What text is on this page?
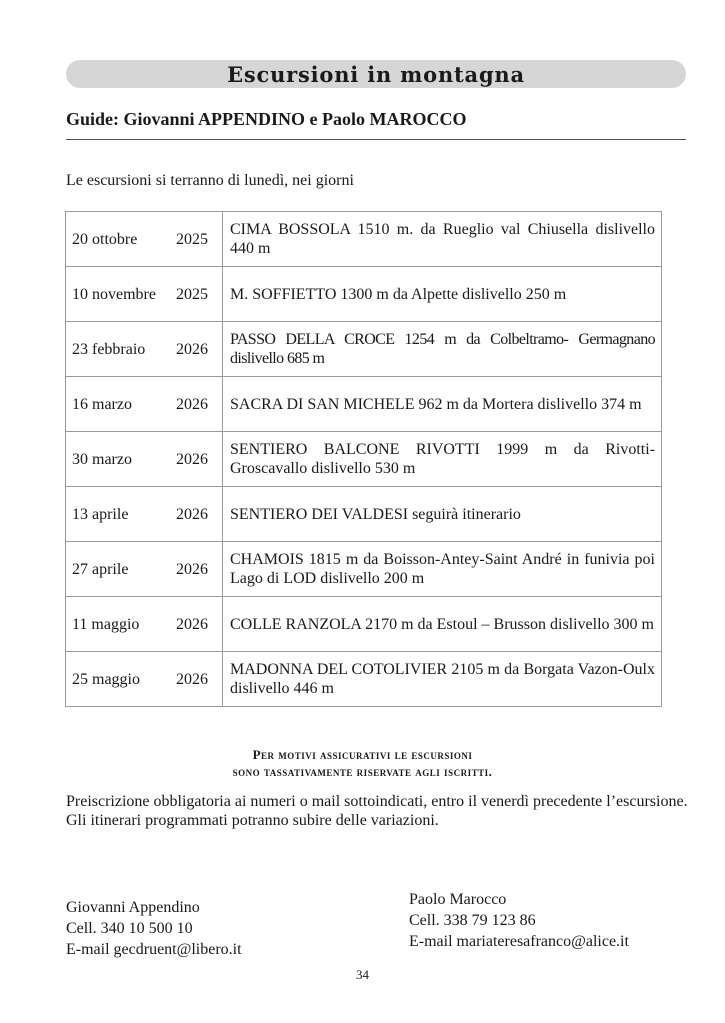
Escursioni in montagna
Guide: Giovanni APPENDINO e Paolo MAROCCO
Le escursioni si terranno di lunedì, nei giorni
20 ottobre 2025	CIMA BOSSOLA 1510 m. da Rueglio val Chiusella dislivello 440 m

10 novembre 2025	M. SOFFIETTO 1300 m da Alpette dislivello 250 m

23 febbraio 2026	PASSO DELLA CROCE 1254 m da Colbeltramo- Germagnano dislivello 685 m

16 marzo 2026	SACRA DI SAN MICHELE 962 m da Mortera dislivello 374 m

30 marzo 2026	SENTIERO BALCONE RIVOTTI 1999 m da Rivotti-Groscavallo dislivello 530 m

13 aprile 2026	SENTIERO DEI VALDESI seguirà itinerario

27 aprile 2026	CHAMOIS 1815 m da Boisson-Antey-Saint André in funivia poi Lago di LOD dislivello 200 m

11 maggio 2026	COLLE RANZOLA 2170 m da Estoul – Brusson dislivello 300 m

25 maggio 2026	MADONNA DEL COTOLIVIER 2105 m da Borgata Vazon-Oulx dislivello 446 m
Per motivi assicurativi le escursioni
sono tassativamente riservate agli iscritti.

Preiscrizione obbligatoria ai numeri o mail sottoindicati, entro il venerdì precedente l’escursione.

Gli itinerari programmati potranno subire delle variazioni.

Giovanni Appendino
Cell. 340 10 500 10
E-mail gecdruent@libero.it
Paolo Marocco
Cell. 338 79 123 86
E-mail mariateresafranco@alice.it
34
